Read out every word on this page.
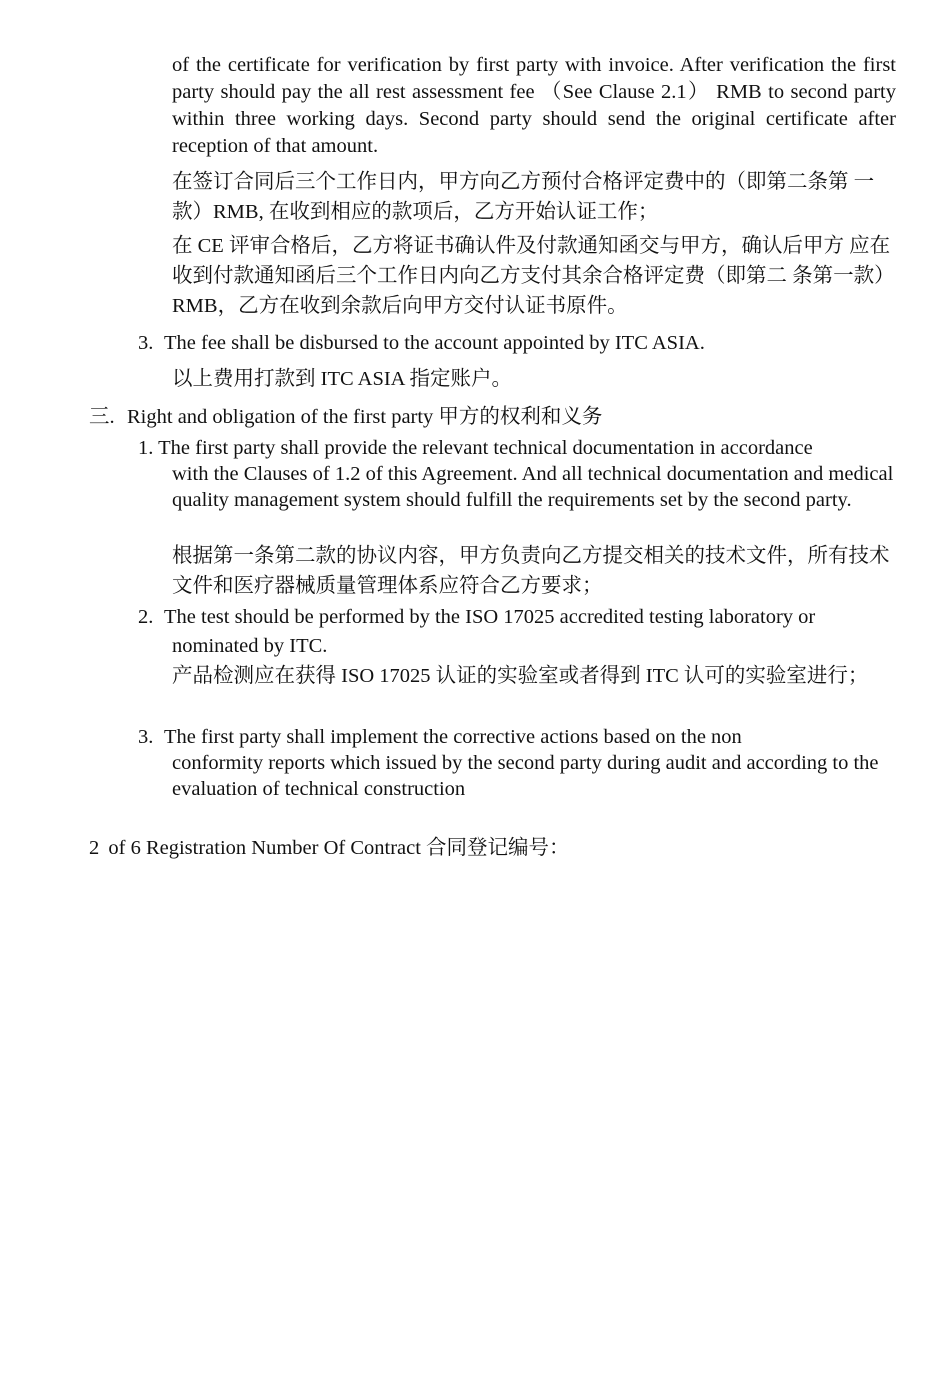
of the certificate for verification by first party with invoice. After verification the first party should pay the all rest assessment fee （See Clause 2.1） RMB to second party within three working days. Second party should send the original certificate after reception of that amount.

在签订合同后三个工作日内，甲方向乙方预付合格评定费中的（即第二条第 一款）RMB, 在收到相应的款项后，乙方开始认证工作；

在 CE 评审合格后，乙方将证书确认件及付款通知函交与甲方，确认后甲方 应在收到付款通知函后三个工作日内向乙方支付其余合格评定费（即第二 条第一款）RMB，乙方在收到余款后向甲方交付认证书原件。

3. The fee shall be disbursed to the account appointed by ITC ASIA.

以上费用打款到 ITC ASIA 指定账户。

三. Right and obligation of the first party 甲方的权利和义务
1. The first party shall provide the relevant technical documentation in accordance
with the Clauses of 1.2 of this Agreement. And all technical documentation and medical quality management system should fulfill the requirements set by the second party.

根据第一条第二款的协议内容，甲方负责向乙方提交相关的技术文件，所有技术文件和医疗器械质量管理体系应符合乙方要求；

2. The test should be performed by the ISO 17025 accredited testing laboratory or
nominated by ITC.

产品检测应在获得 ISO 17025 认证的实验室或者得到 ITC 认可的实验室进行；

3. The first party shall implement the corrective actions based on the non
conformity reports which issued by the second party during audit and according to the evaluation of technical construction
2 of 6 Registration Number Of Contract 合同登记编号：
